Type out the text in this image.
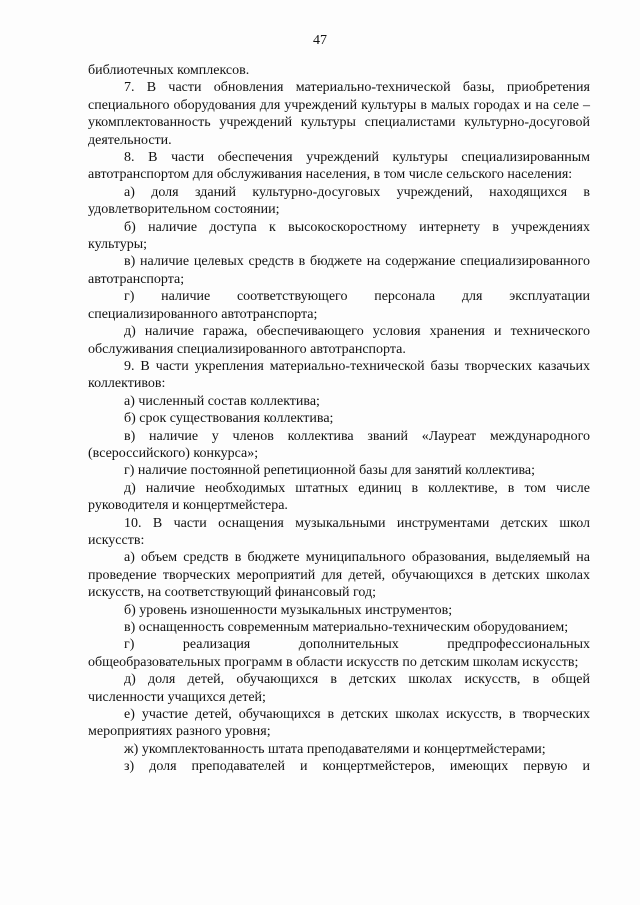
47

библиотечных комплексов.

7. В части обновления материально-технической базы, приобретения специального оборудования для учреждений культуры в малых городах и на селе – укомплектованность учреждений культуры специалистами культурно-досуговой деятельности.

8. В части обеспечения учреждений культуры специализированным автотранспортом для обслуживания населения, в том числе сельского населения:

а) доля зданий культурно-досуговых учреждений, находящихся в удовлетворительном состоянии;

б) наличие доступа к высокоскоростному интернету в учреждениях культуры;

в) наличие целевых средств в бюджете на содержание специализированного автотранспорта;

г) наличие соответствующего персонала для эксплуатации специализированного автотранспорта;

д) наличие гаража, обеспечивающего условия хранения и технического обслуживания специализированного автотранспорта.

9. В части укрепления материально-технической базы творческих казачьих коллективов:

а) численный состав коллектива;

б) срок существования коллектива;

в) наличие у членов коллектива званий «Лауреат международного (всероссийского) конкурса»;

г) наличие постоянной репетиционной базы для занятий коллектива;

д) наличие необходимых штатных единиц в коллективе, в том числе руководителя и концертмейстера.

10. В части оснащения музыкальными инструментами детских школ искусств:

а) объем средств в бюджете муниципального образования, выделяемый на проведение творческих мероприятий для детей, обучающихся в детских школах искусств, на соответствующий финансовый год;

б) уровень изношенности музыкальных инструментов;

в) оснащенность современным материально-техническим оборудованием;

г) реализация дополнительных предпрофессиональных общеобразовательных программ в области искусств по детским школам искусств;

д) доля детей, обучающихся в детских школах искусств, в общей численности учащихся детей;

е) участие детей, обучающихся в детских школах искусств, в творческих мероприятиях разного уровня;

ж) укомплектованность штата преподавателями и концертмейстерами;

з) доля преподавателей и концертмейстеров, имеющих первую и
